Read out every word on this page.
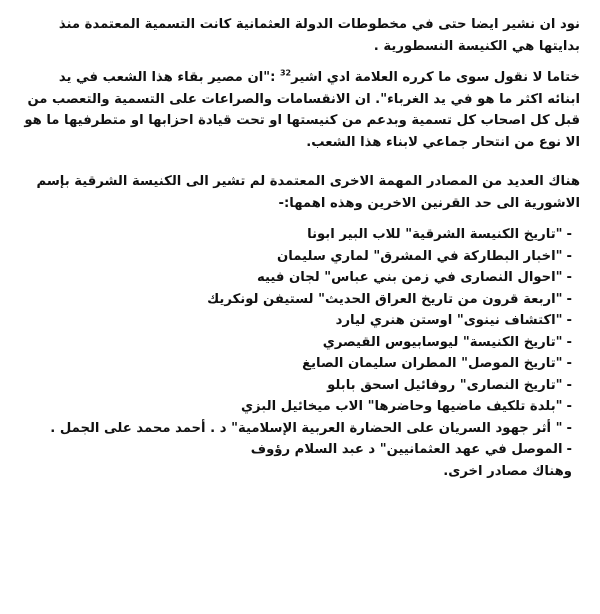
نود ان نشير ايضا حتى في مخطوطات الدولة العثمانية كانت التسمية المعتمدة منذ بدايتها هي الكنيسة النسطورية .

ختاما لا نقول سوى ما كرره العلامة ادي اشير$^{32}$ :"ان مصير بقاء هذا الشعب في يد ابنائه اكثر ما هو في يد الغرباء". ان الانقسامات والصراعات على التسمية والتعصب من قبل كل اصحاب كل تسمية وبدعم من كنيستها او تحت قيادة احزابها او متطرفيها ما هو الا نوع من انتحار جماعي لابناء هذا الشعب.

هناك العديد من المصادر المهمة الاخرى المعتمدة لم تشير الى الكنيسة الشرقية بإسم الاشورية الى حد القرنين الاخرين وهذه اهمها:-

-"تاريخ الكنيسة الشرقية" للاب البير ابونا
-"اخبار البطاركة في المشرق" لماري سليمان
-"احوال النصارى في زمن بني عباس" لجان فييه
-"اربعة قرون من تاريخ العراق الحديث" لستيفن لونكريك
-"اكتشاف نينوى" اوستن هنري ليارد
-"تاريخ الكنيسة" ليوسابيوس القيصري
-"تاريخ الموصل" المطران سليمان الصايغ
-"تاريخ النصارى" روفائيل اسحق بابلو
-"بلدة تلكيف ماضيها وحاضرها" الاب ميخائيل البزي
-" أثر جهود السريان على الحضارة العربية الإسلامية" د . أحمد محمد على الجمل .
-الموصل في عهد العثمانيين" د عبد السلام رؤوف

وهناك مصادر اخرى.
